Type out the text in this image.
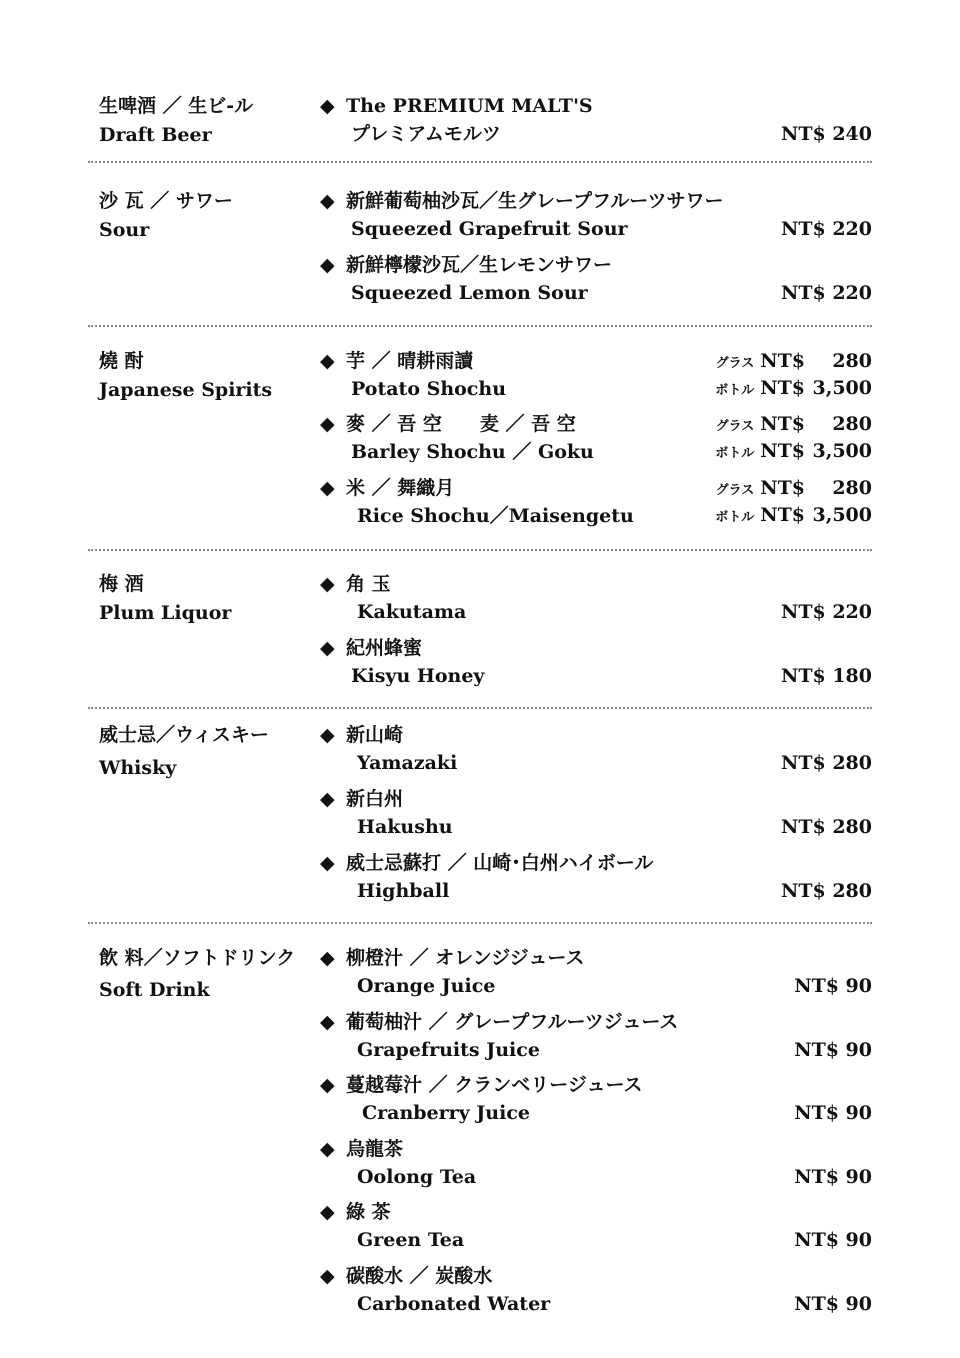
生啤酒 ／ 生ビ-ル
Draft Beer
◆ The PREMIUM MALT'S
プレミアムモルツ	NT$ 240
沙 瓦 ／ サワー
Sour
◆ 新鮮葡萄柚沙瓦／生グレープフルーツサワー
Squeezed Grapefruit Sour	NT$ 220
◆ 新鮮檸檬沙瓦／生レモンサワー
Squeezed Lemon Sour	NT$ 220
燒 酎
Japanese Spirits
◆ 芋 ／ 晴耕雨讀
Potato Shochu
グラス NT$ 280
ボトル NT$ 3,500
◆ 麥 ／ 吾 空　　麦 ／ 吾 空
Barley Shochu ／ Goku
グラス NT$ 280
ボトル NT$ 3,500
◆ 米 ／ 舞織月
Rice Shochu／Maisengetu
グラス NT$ 280
ボトル NT$ 3,500
梅 酒
Plum Liquor
◆ 角 玉
Kakutama	NT$ 220
◆ 紀州蜂蜜
Kisyu Honey	NT$ 180
威士忌／ウィスキー
Whisky
◆ 新山崎
Yamazaki	NT$ 280
◆ 新白州
Hakushu	NT$ 280
◆ 威士忌蘇打 ／ 山崎･白州ハイボール
Highball	NT$ 280
飲 料／ソフトドリンク
Soft Drink
◆ 柳橙汁 ／ オレンジジュース
Orange Juice	NT$ 90
◆ 葡萄柚汁 ／ グレープフルーツジュース
Grapefruits Juice	NT$ 90
◆ 蔓越莓汁 ／ クランベリージュース
Cranberry Juice	NT$ 90
◆ 烏龍茶
Oolong Tea	NT$ 90
◆ 綠 茶
Green Tea	NT$ 90
◆ 碳酸水 ／ 炭酸水
Carbonated Water	NT$ 90
